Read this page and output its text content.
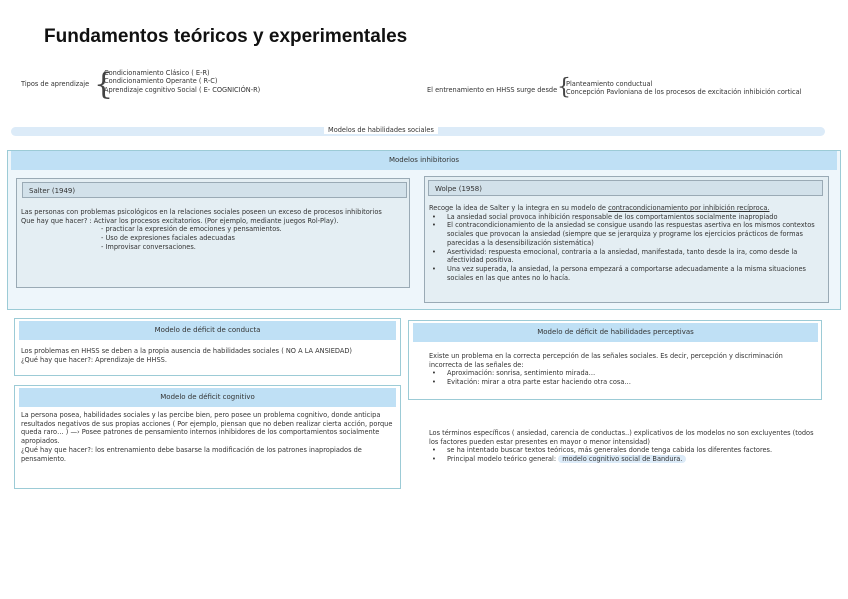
Fundamentos teóricos y experimentales
Tipos de aprendizaje {
Condicionamiento Clásico ( E-R)
Condicionamiento Operante ( R-C)
Aprendizaje cognitivo Social ( E- COGNICIÓN-R)	El entrenamiento en HHSS surge desde {
Planteamiento conductual
Concepción Pavloniana de los procesos de excitación inhibición cortical
Modelos de habilidades sociales
Modelos inhibitorios
Salter (1949)

Las personas con problemas psicológicos en la relaciones sociales poseen un exceso de procesos inhibitorios

Que hay que hacer? : Activar los procesos excitatorios. (Por ejemplo, mediante juegos Rol-Play).

- practicar la expresión de emociones y pensamientos.

- Uso de expresiones faciales adecuadas

- Improvisar conversaciones.

Wolpe (1958)

Recoge la idea de Salter y la integra en su modelo de contracondicionamiento por inhibición recíproca.

• La ansiedad social provoca inhibición responsable de los comportamientos socialmente inapropiado
• El contracondicionamiento de la ansiedad se consigue usando las respuestas asertiva en los mismos contextos sociales que provocan la ansiedad (siempre que se jerarquiza y programe los ejercicios prácticos de formas parecidas a la desensibilización sistemática)
• Asertividad: respuesta emocional, contraria a la ansiedad, manifestada, tanto desde la ira, como desde la afectividad positiva.
• Una vez superada, la ansiedad, la persona empezará a comportarse adecuadamente a la misma situaciones sociales en las que antes no lo hacía.
Modelo de déficit de conducta

Los problemas en HHSS se deben a la propia ausencia de habilidades sociales ( NO A LA ANSIEDAD)

¿Qué hay que hacer?: Aprendizaje de HHSS.

Modelo de déficit cognitivo

La persona posea, habilidades sociales y las percibe bien, pero posee un problema cognitivo, donde anticipa resultados negativos de sus propias acciones ( Por ejemplo, piensan que no deben realizar cierta acción, porque queda raro… ) —› Posee patrones de pensamiento internos inhibidores de los comportamientos socialmente apropiados.

¿Qué hay que hacer?: los entrenamiento debe basarse la modificación de los patrones inapropiados de pensamiento.

Modelo de déficit de habilidades perceptivas

Existe un problema en la correcta percepción de las señales sociales. Es decir, percepción y discriminación incorrecta de las señales de:

• Aproximación: sonrisa, sentimiento mirada…
• Evitación: mirar a otra parte estar haciendo otra cosa…

Los términos específicos ( ansiedad, carencia de conductas..) explicativos de los modelos no son excluyentes (todos los factores pueden estar presentes en mayor o menor intensidad)

• se ha intentado buscar textos teóricos, más generales donde tenga cabida los diferentes factores.
• Principal modelo teórico general: modelo cognitivo social de Bandura.
